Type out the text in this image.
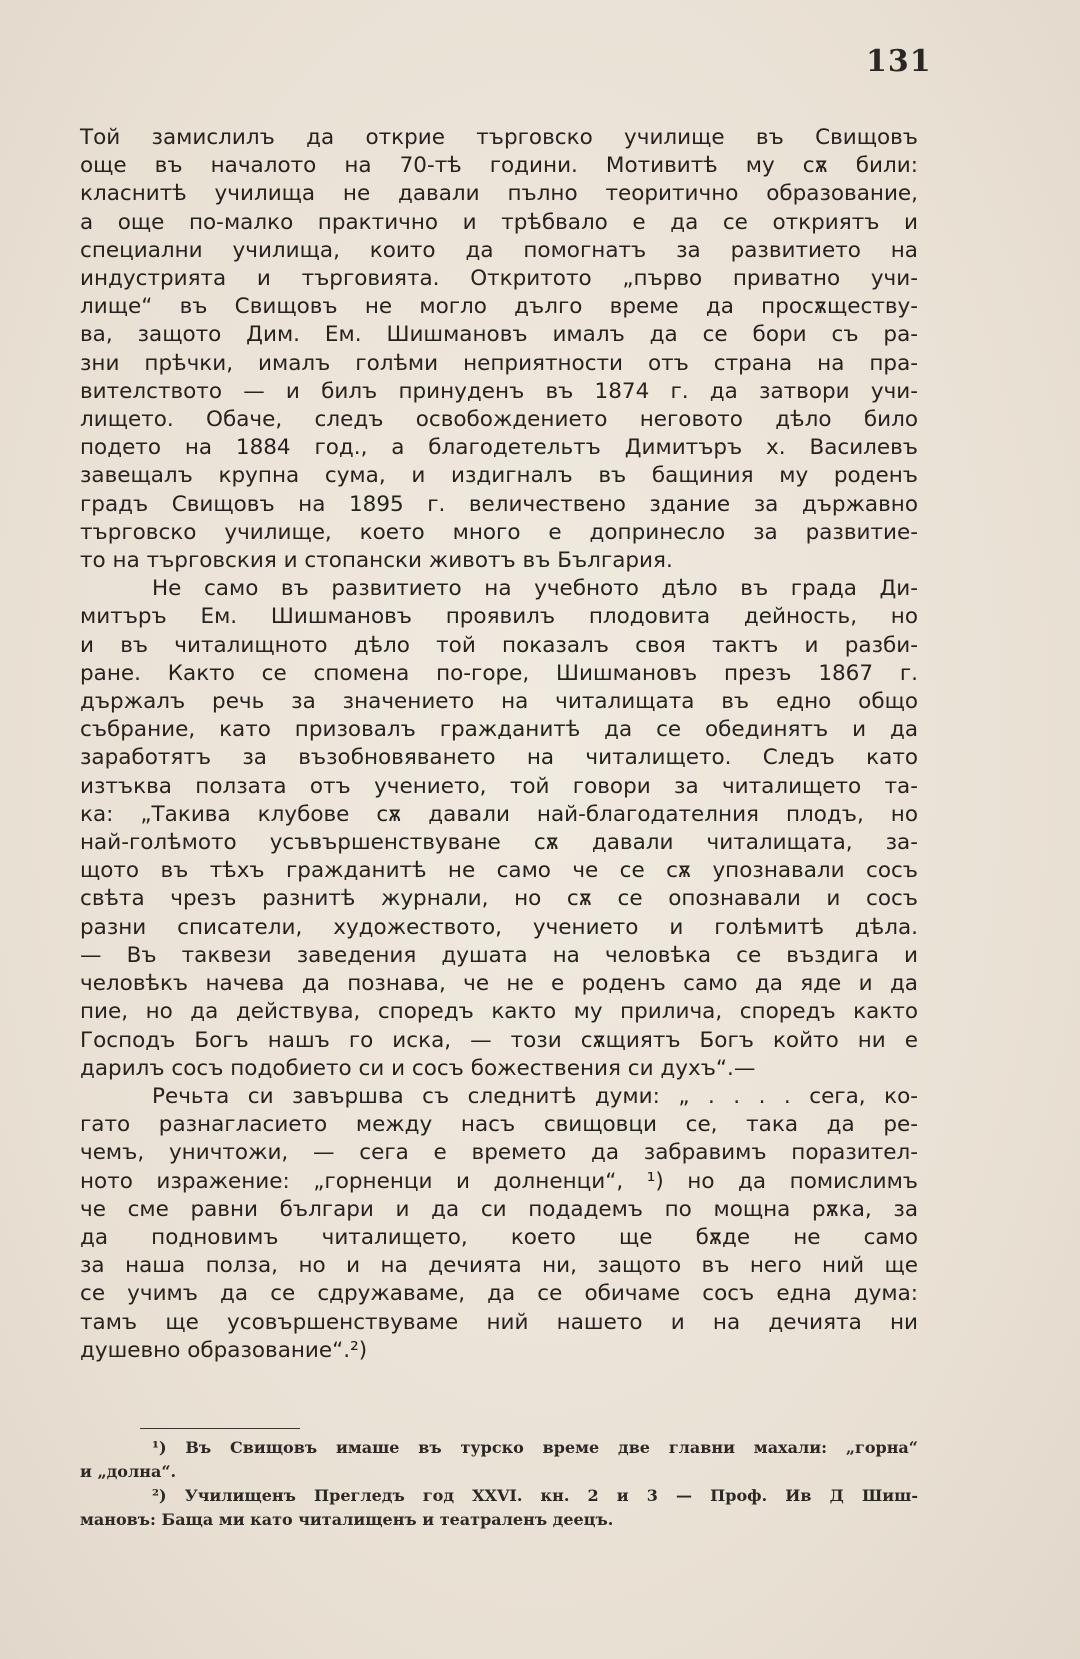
131
Той замислилъ да открие търговско училище въ Свищовъ
още въ началото на 70-тѣ години. Мотивитѣ му сѫ били:
класнитѣ училища не давали пълно теоритично образование,
а още по-малко практично и трѣбвало е да се откриятъ и
специални училища, които да помогнатъ за развитието на
индустрията и търговията. Откритото „първо приватно учи-
лище“ въ Свищовъ не могло дълго време да просѫществу-
ва, защото Дим. Ем. Шишмановъ ималъ да се бори съ ра-
зни прѣчки, ималъ голѣми неприятности отъ страна на пра-
вителството — и билъ принуденъ въ 1874 г. да затвори учи-
лището. Обаче, следъ освобождението неговото дѣло било
подето на 1884 год., а благодетельтъ Димитъръ х. Василевъ
завещалъ крупна сума, и издигналъ въ бащиния му роденъ
градъ Свищовъ на 1895 г. величествено здание за държавно
търговско училище, което много е допринесло за развитие-
то на търговския и стопански животъ въ България.
Не само въ развитието на учебното дѣло въ града Ди-
митъръ Ем. Шишмановъ проявилъ плодовита дейность, но
и въ читалищното дѣло той показалъ своя тактъ и разби-
ране. Както се спомена по-горе, Шишмановъ презъ 1867 г.
държалъ речь за значението на читалищата въ едно общо
събрание, като призовалъ гражданитѣ да се обединятъ и да
заработятъ за възобновяването на читалището. Следъ като
изтъква ползата отъ учението, той говори за читалището та-
ка: „Такива клубове сѫ давали най-благодателния плодъ, но
най-голѣмото усъвършенствуване сѫ давали читалищата, за-
щото въ тѣхъ гражданитѣ не само че се сѫ упознавали сосъ
свѣта чрезъ разнитѣ журнали, но сѫ се опознавали и сосъ
разни списатели, художеството, учението и голѣмитѣ дѣла.
— Въ таквези заведения душата на человѣка се въздига и
человѣкъ начева да познава, че не е роденъ само да яде и да
пие, но да действува, споредъ както му прилича, споредъ както
Господъ Богъ нашъ го иска, — този сѫщиятъ Богъ който ни е
дарилъ сосъ подобието си и сосъ божествения си духъ“.—
Речьта си завършва съ следнитѣ думи: „ . . . . сега, ко-
гато разнагласието между насъ свищовци се, така да ре-
чемъ, уничтожи, — сега е времето да забравимъ поразител-
ното изражение: „горненци и долненци“, ¹) но да помислимъ
че сме равни българи и да си подадемъ по мощна рѫка, за
да подновимъ читалището, което ще бѫде не само
за наша полза, но и на дечията ни, защото въ него ний ще
се учимъ да се сдружаваме, да се обичаме сосъ една дума:
тамъ ще усовършенствуваме ний нашето и на дечията ни
душевно образование“.²)
¹) Въ Свищовъ имаше въ турско време две главни махали: „горна“
и „долна“.
²) Училищенъ Прегледъ год XXVI. кн. 2 и 3 — Проф. Ив Д Шиш-
мановъ: Баща ми като читалищенъ и театраленъ деецъ.
